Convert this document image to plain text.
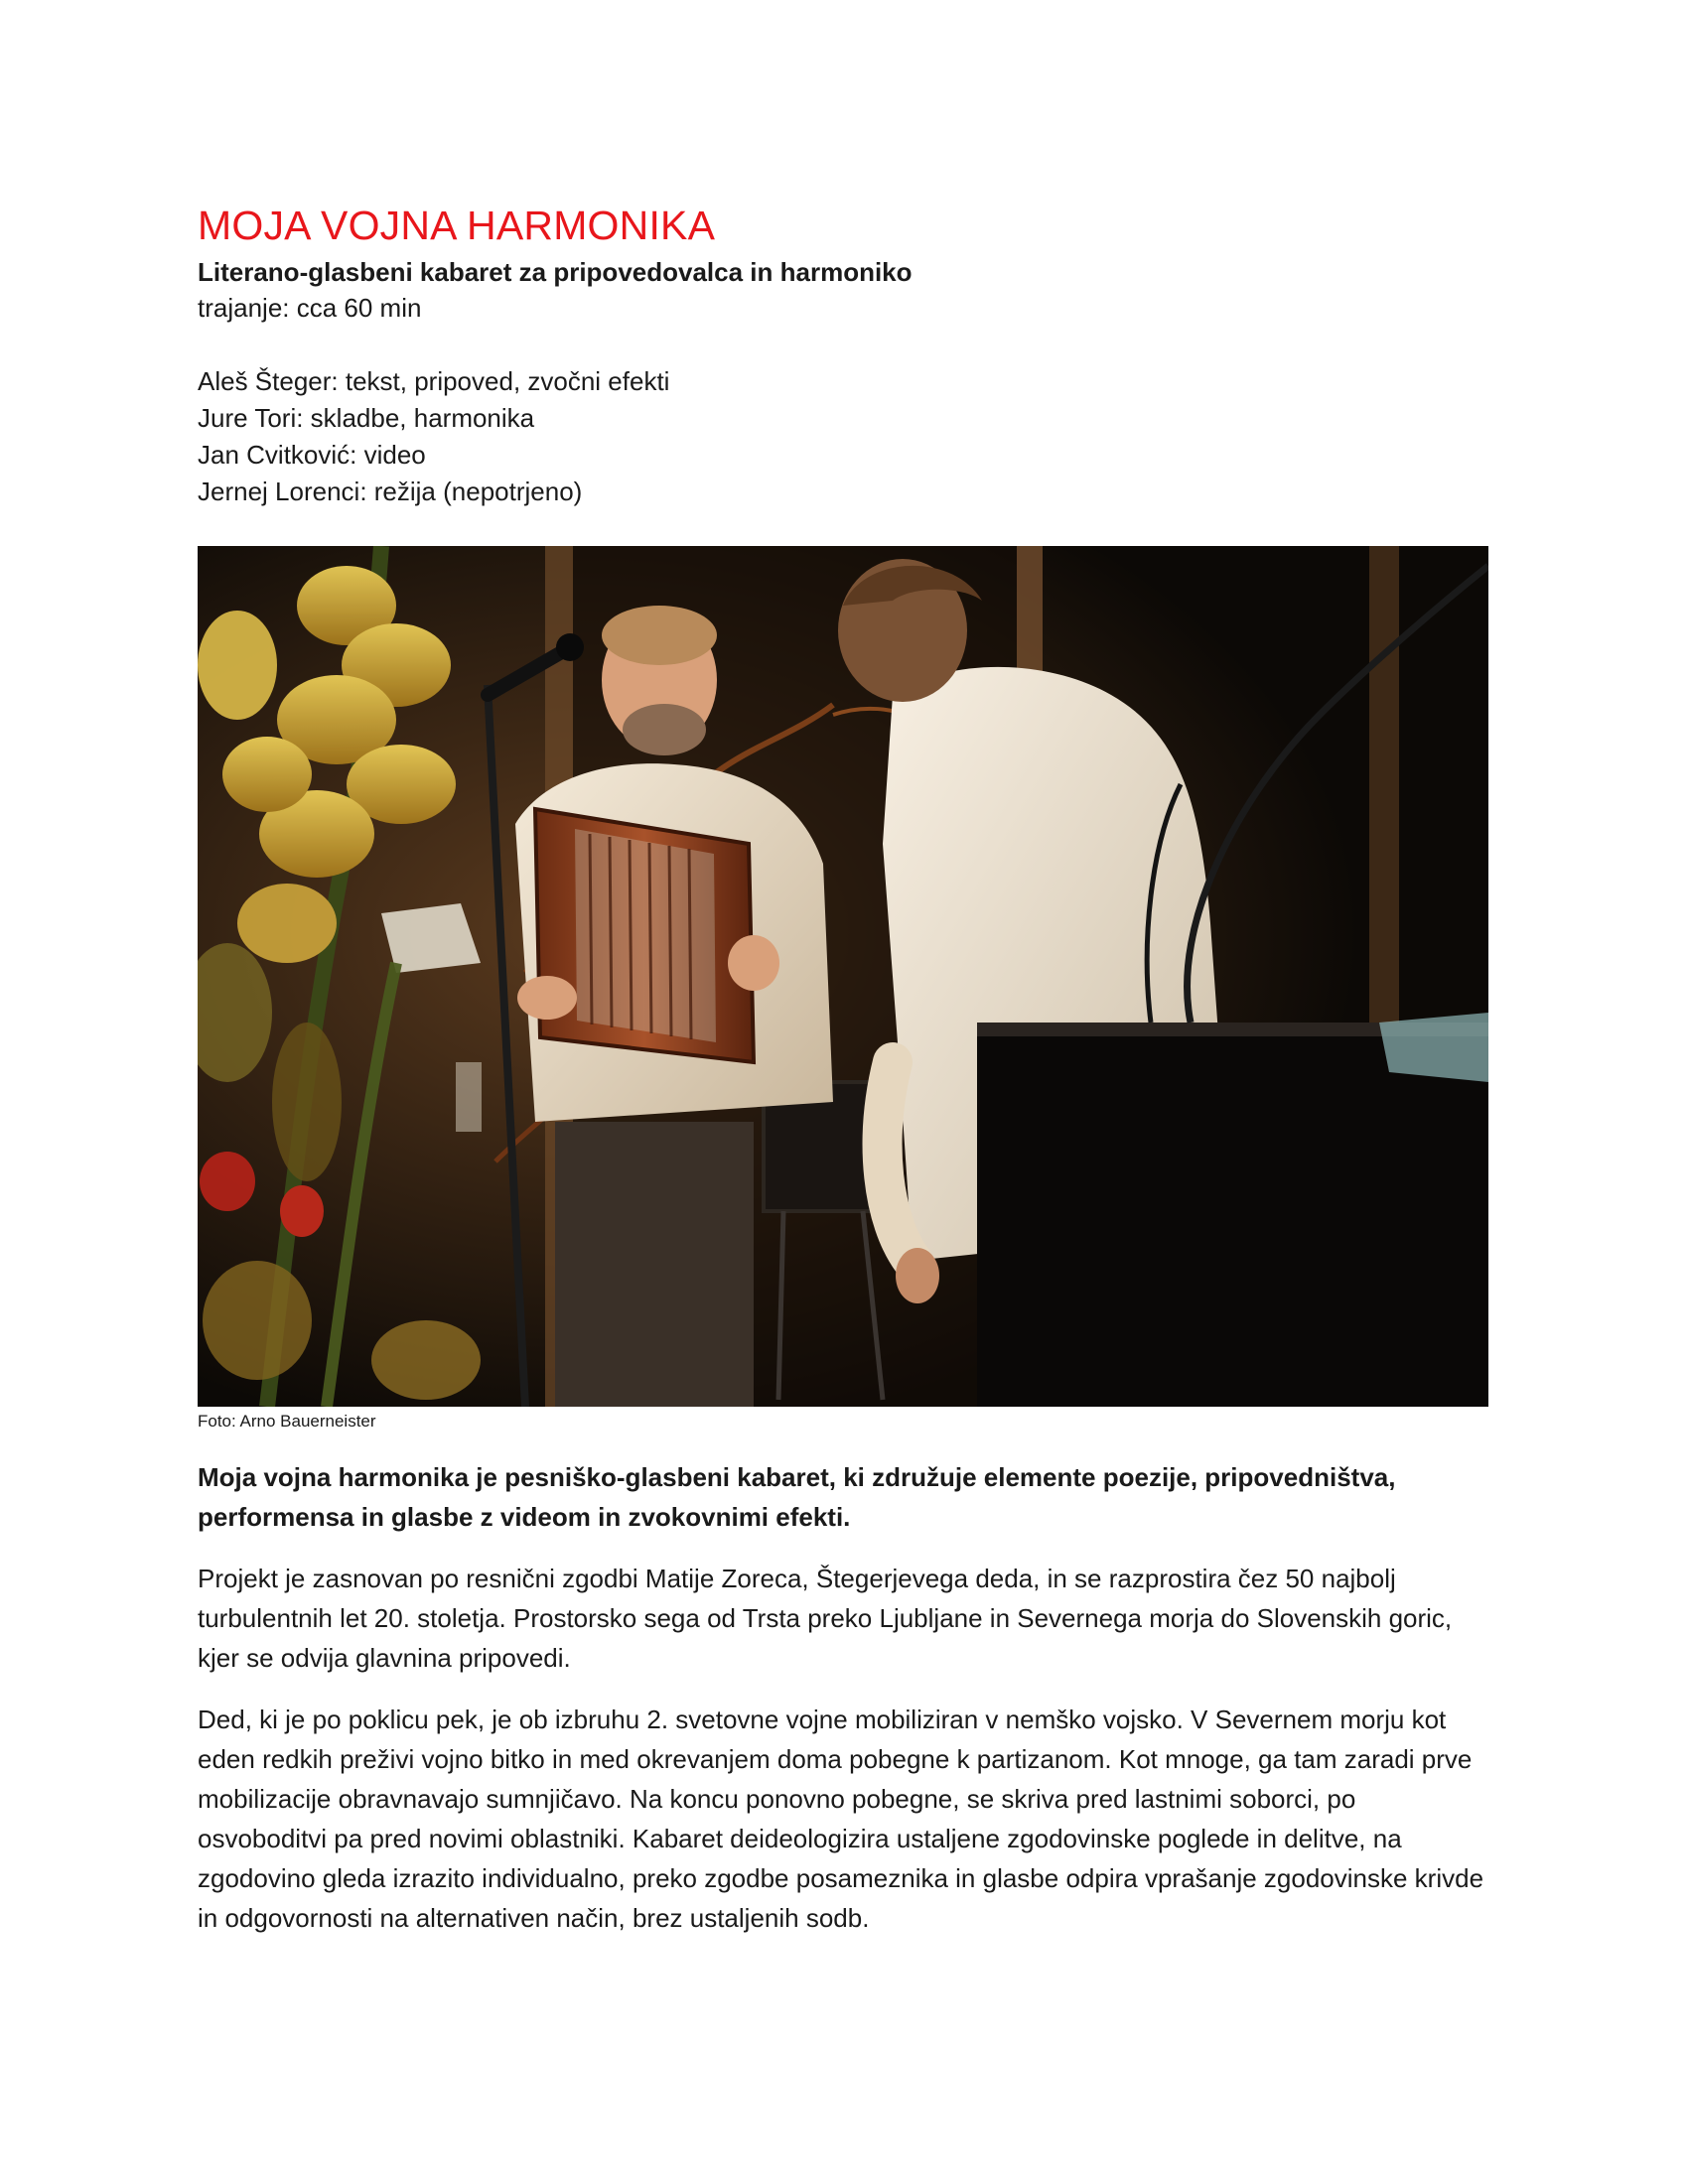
MOJA VOJNA HARMONIKA

Literano-glasbeni kabaret za pripovedovalca in harmoniko

trajanje: cca 60 min

Aleš Šteger: tekst, pripoved, zvočni efekti

Jure Tori: skladbe, harmonika

Jan Cvitković: video

Jernej Lorenci: režija (nepotrjeno)

Foto: Arno Bauerneister

Moja vojna harmonika je pesniško-glasbeni kabaret, ki združuje elemente poezije, pripovedništva, performensa in glasbe z videom in zvokovnimi efekti.

Projekt je zasnovan po resnični zgodbi Matije Zoreca, Štegerjevega deda, in se razprostira čez 50 najbolj turbulentnih let 20. stoletja. Prostorsko sega od Trsta preko Ljubljane in Severnega morja do Slovenskih goric, kjer se odvija glavnina pripovedi.

Ded, ki je po poklicu pek, je ob izbruhu 2. svetovne vojne mobiliziran v nemško vojsko. V Severnem morju kot eden redkih preživi vojno bitko in med okrevanjem doma pobegne k partizanom. Kot mnoge, ga tam zaradi prve mobilizacije obravnavajo sumnjičavo. Na koncu ponovno pobegne, se skriva pred lastnimi soborci, po osvoboditvi pa pred novimi oblastniki. Kabaret deideologizira ustaljene zgodovinske poglede in delitve, na zgodovino gleda izrazito individualno, preko zgodbe posameznika in glasbe odpira vprašanje zgodovinske krivde in odgovornosti na alternativen način, brez ustaljenih sodb.
